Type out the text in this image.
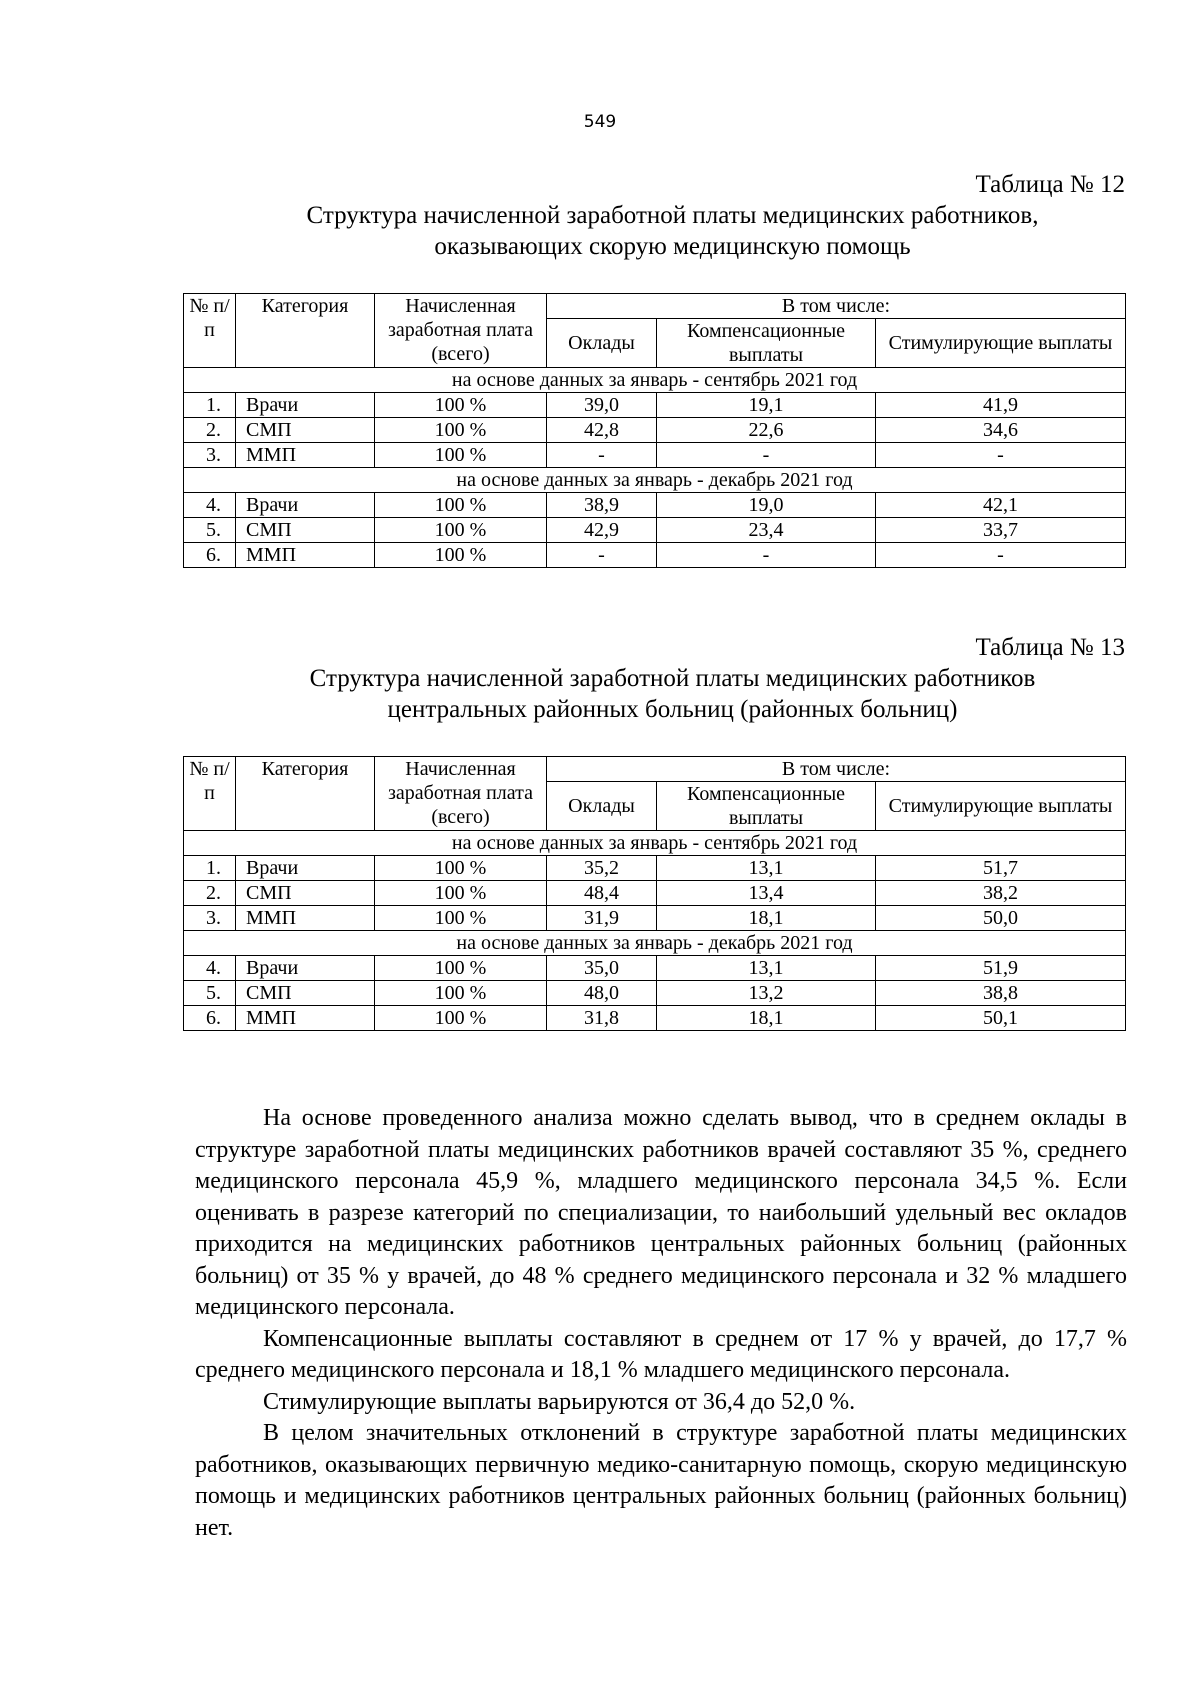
549
Таблица № 12
Структура начисленной заработной платы медицинских работников,
оказывающих скорую медицинскую помощь
№ п/п	Категория	Начисленная заработная плата (всего)	В том числе:		
			Оклады	Компенсационные выплаты	Стимулирующие выплаты
на основе данных за январь - сентябрь 2021 год					
1.	Врачи	100 %	39,0	19,1	41,9
2.	СМП	100 %	42,8	22,6	34,6
3.	ММП	100 %	-	-	-
на основе данных за январь - декабрь 2021 год					
4.	Врачи	100 %	38,9	19,0	42,1
5.	СМП	100 %	42,9	23,4	33,7
6.	ММП	100 %	-	-	-
Таблица № 13
Структура начисленной заработной платы медицинских работников
центральных районных больниц (районных больниц)
№ п/п	Категория	Начисленная заработная плата (всего)	В том числе:		
			Оклады	Компенсационные выплаты	Стимулирующие выплаты
на основе данных за январь - сентябрь 2021 год					
1.	Врачи	100 %	35,2	13,1	51,7
2.	СМП	100 %	48,4	13,4	38,2
3.	ММП	100 %	31,9	18,1	50,0
на основе данных за январь - декабрь 2021 год					
4.	Врачи	100 %	35,0	13,1	51,9
5.	СМП	100 %	48,0	13,2	38,8
6.	ММП	100 %	31,8	18,1	50,1

На основе проведенного анализа можно сделать вывод, что в среднем оклады в структуре заработной платы медицинских работников врачей составляют 35 %, среднего медицинского персонала 45,9 %, младшего медицинского персонала 34,5 %. Если оценивать в разрезе категорий по специализации, то наибольший удельный вес окладов приходится на медицинских работников центральных районных больниц (районных больниц) от 35 % у врачей, до 48 % среднего медицинского персонала и 32 % младшего медицинского персонала.

Компенсационные выплаты составляют в среднем от 17 % у врачей, до 17,7 % среднего медицинского персонала и 18,1 % младшего медицинского персонала.

Стимулирующие выплаты варьируются от 36,4 до 52,0 %.

В целом значительных отклонений в структуре заработной платы медицинских работников, оказывающих первичную медико-санитарную помощь, скорую медицинскую помощь и медицинских работников центральных районных больниц (районных больниц) нет.
